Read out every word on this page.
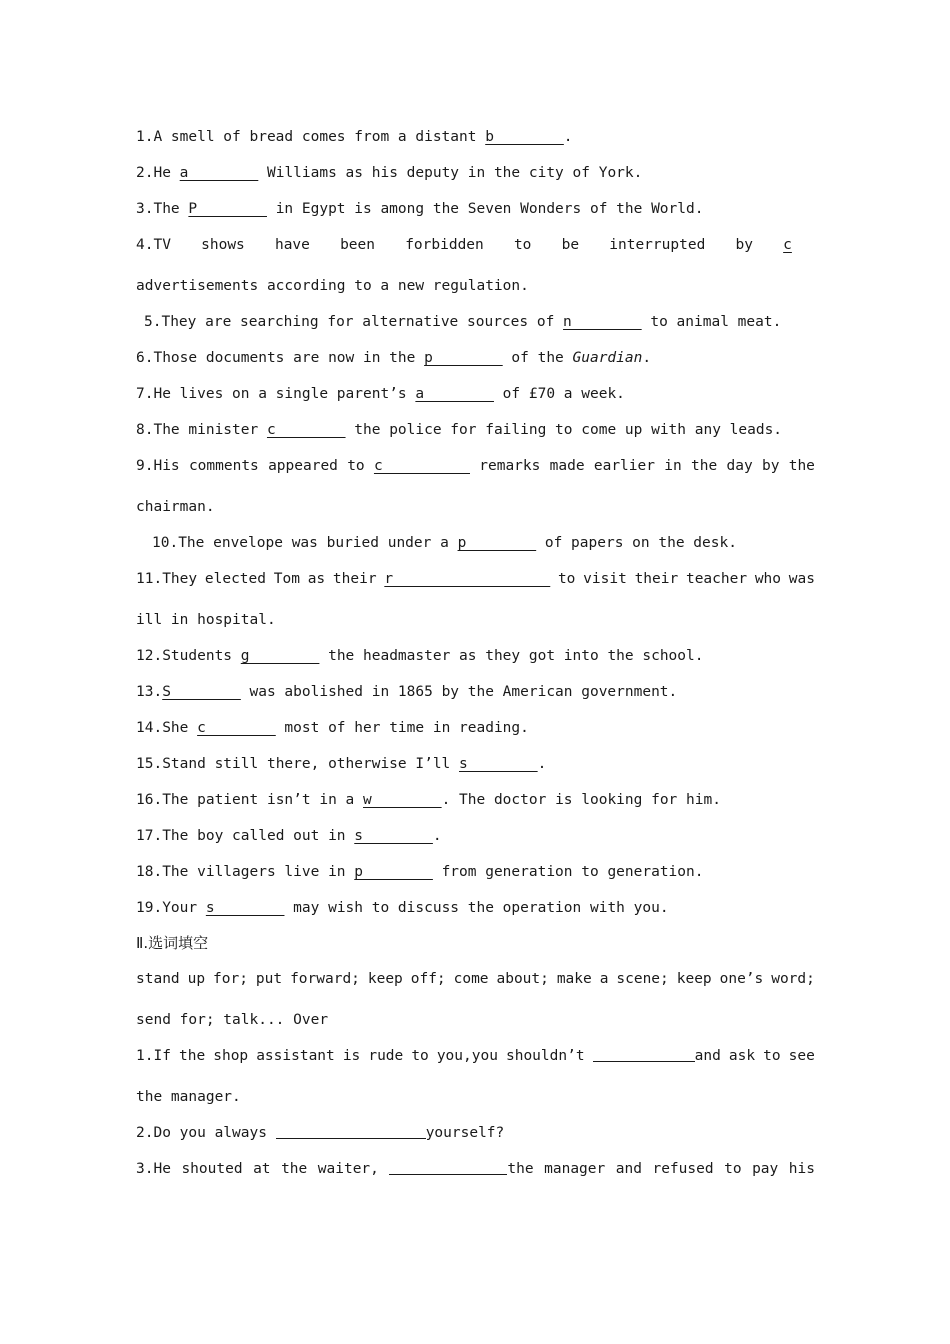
1.A smell of bread comes from a distant b________.
2.He a________ Williams as his deputy in the city of York.
3.The P________ in Egypt is among the Seven Wonders of the World.
4.TV shows have been forbidden to be interrupted by c
advertisements according to a new regulation.
5.They are searching for alternative sources of n________ to animal meat.
6.Those documents are now in the p________ of the Guardian.
7.He lives on a single parent’s a________ of £70 a week.
8.The minister c________ the police for failing to come up with any leads.
9.His comments appeared to c__________ remarks made earlier in the day by the
chairman.
10.The envelope was buried under a p________ of papers on the desk.
11.They elected Tom as their r__________________ to visit their teacher who was
ill in hospital.
12.Students g________ the headmaster as they got into the school.
13.S________ was abolished in 1865 by the American government.
14.She c________ most of her time in reading.
15.Stand still there, otherwise I’ll s________.
16.The patient isn’t in a w________. The doctor is looking for him.
17.The boy called out in s________.
18.The villagers live in p________ from generation to generation.
19.Your s________ may wish to discuss the operation with you.
Ⅱ.选词填空
stand up for; put forward; keep off; come about; make a scene; keep one’s word;
send for; talk... Over
1.If the shop assistant is rude to you,you shouldn’t	and ask to see
the manager.
2.Do you always	yourself?
3.He shouted at the waiter,	the manager and refused to pay his
